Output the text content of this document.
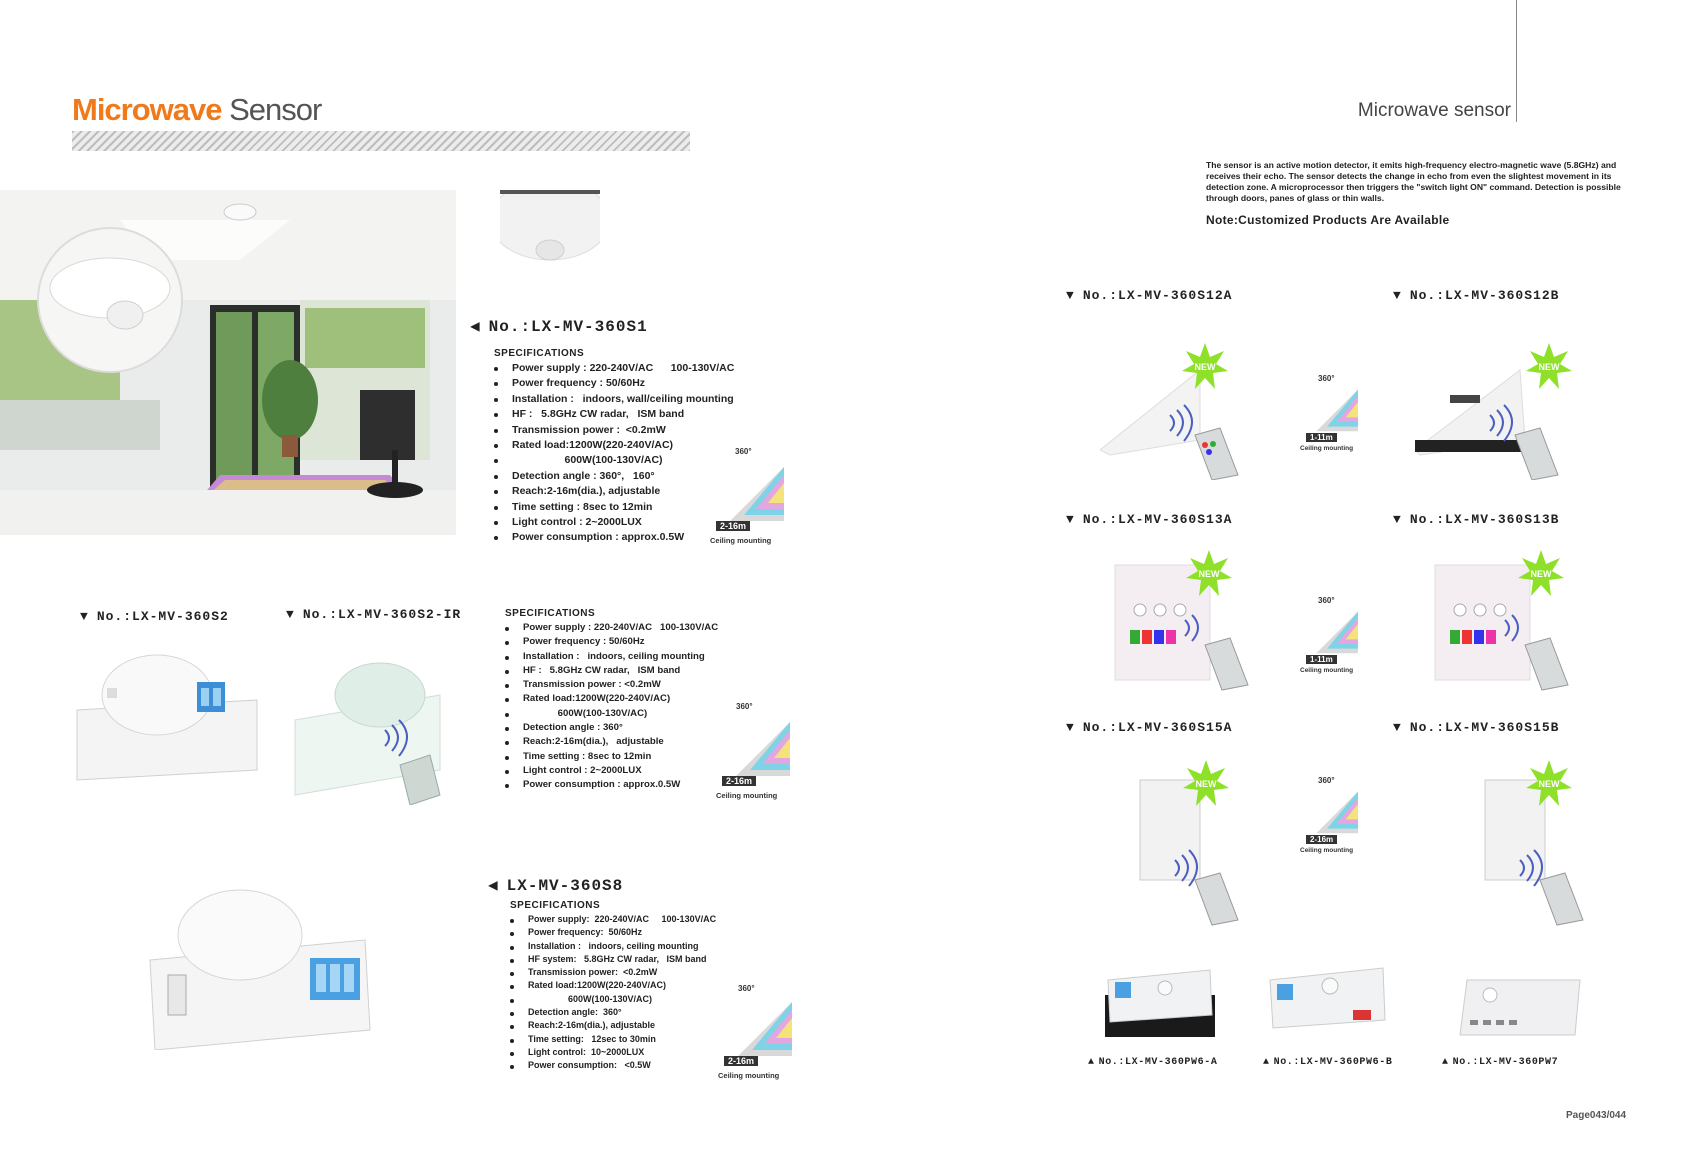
Microwave Sensor	Microwave sensor
The sensor is an active motion detector, it emits high-frequency electro-magnetic wave (5.8GHz) and receives their echo. The sensor detects the change in echo from even the slightest movement in its detection zone. A microprocessor then triggers the "switch light ON" command. Detection is possible through doors, panes of glass or thin walls.
Note:Customized Products Are Available
◀ No.:LX-MV-360S1
SPECIFICATIONS
Power supply : 220-240V/AC      100-130V/AC
Power frequency : 50/60Hz
Installation :   indoors, wall/ceiling mounting
HF :   5.8GHz CW radar,   ISM band
Transmission power :  <0.2mW
Rated load:1200W(220-240V/AC)
600W(100-130V/AC)
Detection angle : 360°,   160°
Reach:2-16m(dia.), adjustable
Time setting : 8sec to 12min
Light control : 2~2000LUX
Power consumption : approx.0.5W
360°
2-16m
Ceiling mounting
▼ No.:LX-MV-360S2	▼ No.:LX-MV-360S2-IR	SPECIFICATIONS
Power supply : 220-240V/AC   100-130V/AC
Power frequency : 50/60Hz
Installation :   indoors, ceiling mounting
HF :   5.8GHz CW radar,   ISM band
Transmission power : <0.2mW
Rated load:1200W(220-240V/AC)
600W(100-130V/AC)
Detection angle : 360°
Reach:2-16m(dia.),   adjustable
Time setting : 8sec to 12min
Light control : 2~2000LUX
Power consumption : approx.0.5W
360°
2-16m
Ceiling mounting
◀ LX-MV-360S8
SPECIFICATIONS
Power supply:  220-240V/AC     100-130V/AC
Power frequency:  50/60Hz
Installation :   indoors, ceiling mounting
HF system:   5.8GHz CW radar,   ISM band
Transmission power:  <0.2mW
Rated load:1200W(220-240V/AC)
600W(100-130V/AC)
Detection angle:  360°
Reach:2-16m(dia.), adjustable
Time setting:   12sec to 30min
Light control:  10~2000LUX
Power consumption:   <0.5W
360°
2-16m
Ceiling mounting
▼ No.:LX-MV-360S12A	▼ No.:LX-MV-360S12B
▼ No.:LX-MV-360S13A	▼ No.:LX-MV-360S13B
▼ No.:LX-MV-360S15A	▼ No.:LX-MV-360S15B
NEW	NEW
NEW	NEW
NEW	NEW
360°
1-11m
Ceiling mounting
360°
1-11m
Ceiling mounting
360°
2-16m
Ceiling mounting
▲ No.:LX-MV-360PW6-A	▲ No.:LX-MV-360PW6-B	▲ No.:LX-MV-360PW7
Page043/044
